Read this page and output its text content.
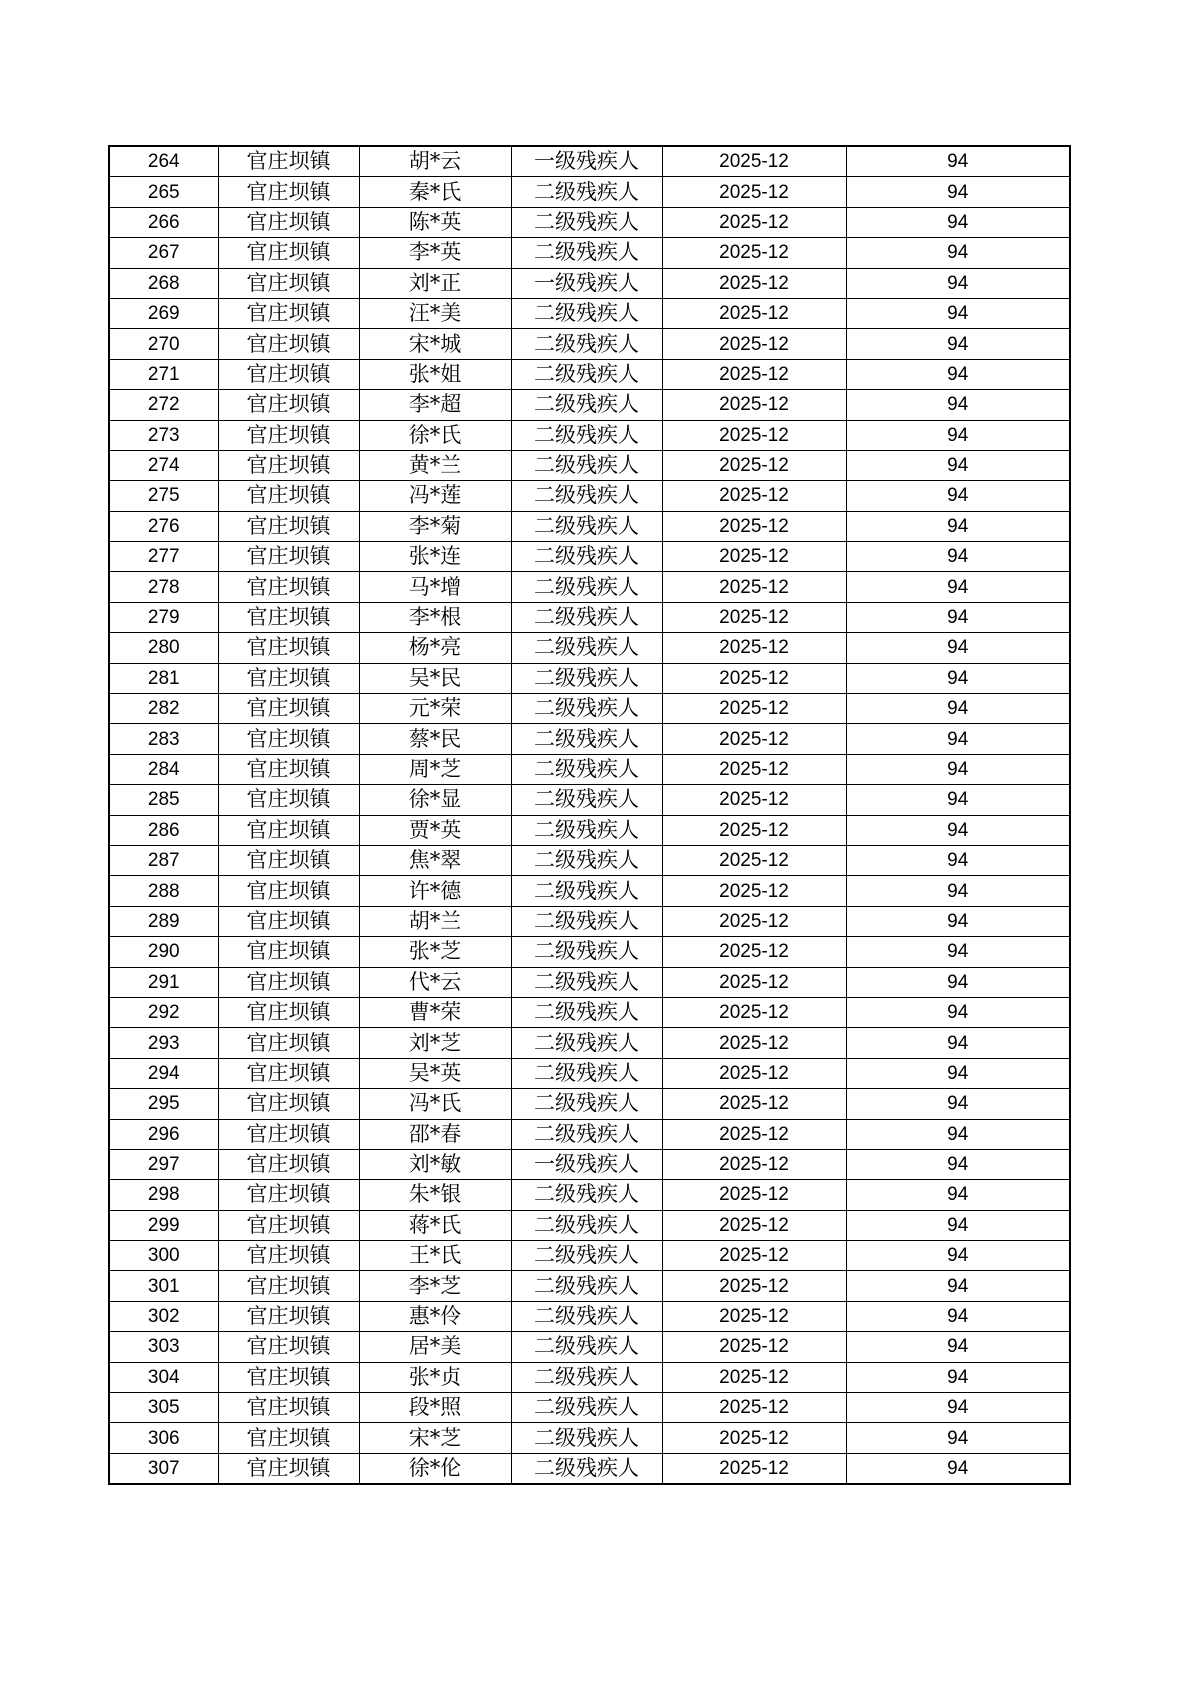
264	官庄坝镇	胡*云	一级残疾人	2025-12	94
265	官庄坝镇	秦*氏	二级残疾人	2025-12	94
266	官庄坝镇	陈*英	二级残疾人	2025-12	94
267	官庄坝镇	李*英	二级残疾人	2025-12	94
268	官庄坝镇	刘*正	一级残疾人	2025-12	94
269	官庄坝镇	汪*美	二级残疾人	2025-12	94
270	官庄坝镇	宋*城	二级残疾人	2025-12	94
271	官庄坝镇	张*姐	二级残疾人	2025-12	94
272	官庄坝镇	李*超	二级残疾人	2025-12	94
273	官庄坝镇	徐*氏	二级残疾人	2025-12	94
274	官庄坝镇	黄*兰	二级残疾人	2025-12	94
275	官庄坝镇	冯*莲	二级残疾人	2025-12	94
276	官庄坝镇	李*菊	二级残疾人	2025-12	94
277	官庄坝镇	张*连	二级残疾人	2025-12	94
278	官庄坝镇	马*增	二级残疾人	2025-12	94
279	官庄坝镇	李*根	二级残疾人	2025-12	94
280	官庄坝镇	杨*亮	二级残疾人	2025-12	94
281	官庄坝镇	吴*民	二级残疾人	2025-12	94
282	官庄坝镇	元*荣	二级残疾人	2025-12	94
283	官庄坝镇	蔡*民	二级残疾人	2025-12	94
284	官庄坝镇	周*芝	二级残疾人	2025-12	94
285	官庄坝镇	徐*显	二级残疾人	2025-12	94
286	官庄坝镇	贾*英	二级残疾人	2025-12	94
287	官庄坝镇	焦*翠	二级残疾人	2025-12	94
288	官庄坝镇	许*德	二级残疾人	2025-12	94
289	官庄坝镇	胡*兰	二级残疾人	2025-12	94
290	官庄坝镇	张*芝	二级残疾人	2025-12	94
291	官庄坝镇	代*云	二级残疾人	2025-12	94
292	官庄坝镇	曹*荣	二级残疾人	2025-12	94
293	官庄坝镇	刘*芝	二级残疾人	2025-12	94
294	官庄坝镇	吴*英	二级残疾人	2025-12	94
295	官庄坝镇	冯*氏	二级残疾人	2025-12	94
296	官庄坝镇	邵*春	二级残疾人	2025-12	94
297	官庄坝镇	刘*敏	一级残疾人	2025-12	94
298	官庄坝镇	朱*银	二级残疾人	2025-12	94
299	官庄坝镇	蒋*氏	二级残疾人	2025-12	94
300	官庄坝镇	王*氏	二级残疾人	2025-12	94
301	官庄坝镇	李*芝	二级残疾人	2025-12	94
302	官庄坝镇	惠*伶	二级残疾人	2025-12	94
303	官庄坝镇	居*美	二级残疾人	2025-12	94
304	官庄坝镇	张*贞	二级残疾人	2025-12	94
305	官庄坝镇	段*照	二级残疾人	2025-12	94
306	官庄坝镇	宋*芝	二级残疾人	2025-12	94
307	官庄坝镇	徐*伦	二级残疾人	2025-12	94
